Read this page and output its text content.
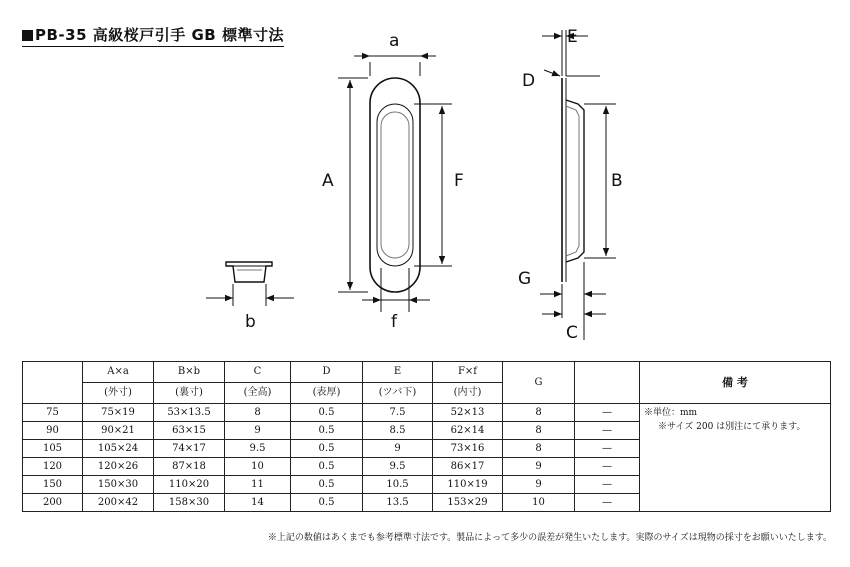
PB-35 高級桜戸引手 GB 標準寸法	a
A	F
f
b
E
D
B
G
C
	A×a	B×b	C	D	E	F×f	G		備 考
	(外寸)	(裏寸)	(全高)	(表厚)	(ツバ下)	(内寸)			
75	75×19	53×13.5	8	0.5	7.5	52×13	8	—	※単位：mm
※サイズ 200 は別注にて承ります。

90	90×21	63×15	9	0.5	8.5	62×14	8	—	
105	105×24	74×17	9.5	0.5	9	73×16	8	—	
120	120×26	87×18	10	0.5	9.5	86×17	9	—	
150	150×30	110×20	11	0.5	10.5	110×19	9	—	
200	200×42	158×30	14	0.5	13.5	153×29	10	—	
※上記の数値はあくまでも参考標準寸法です。製品によって多少の誤差が発生いたします。実際のサイズは現物の採寸をお願いいたします。
